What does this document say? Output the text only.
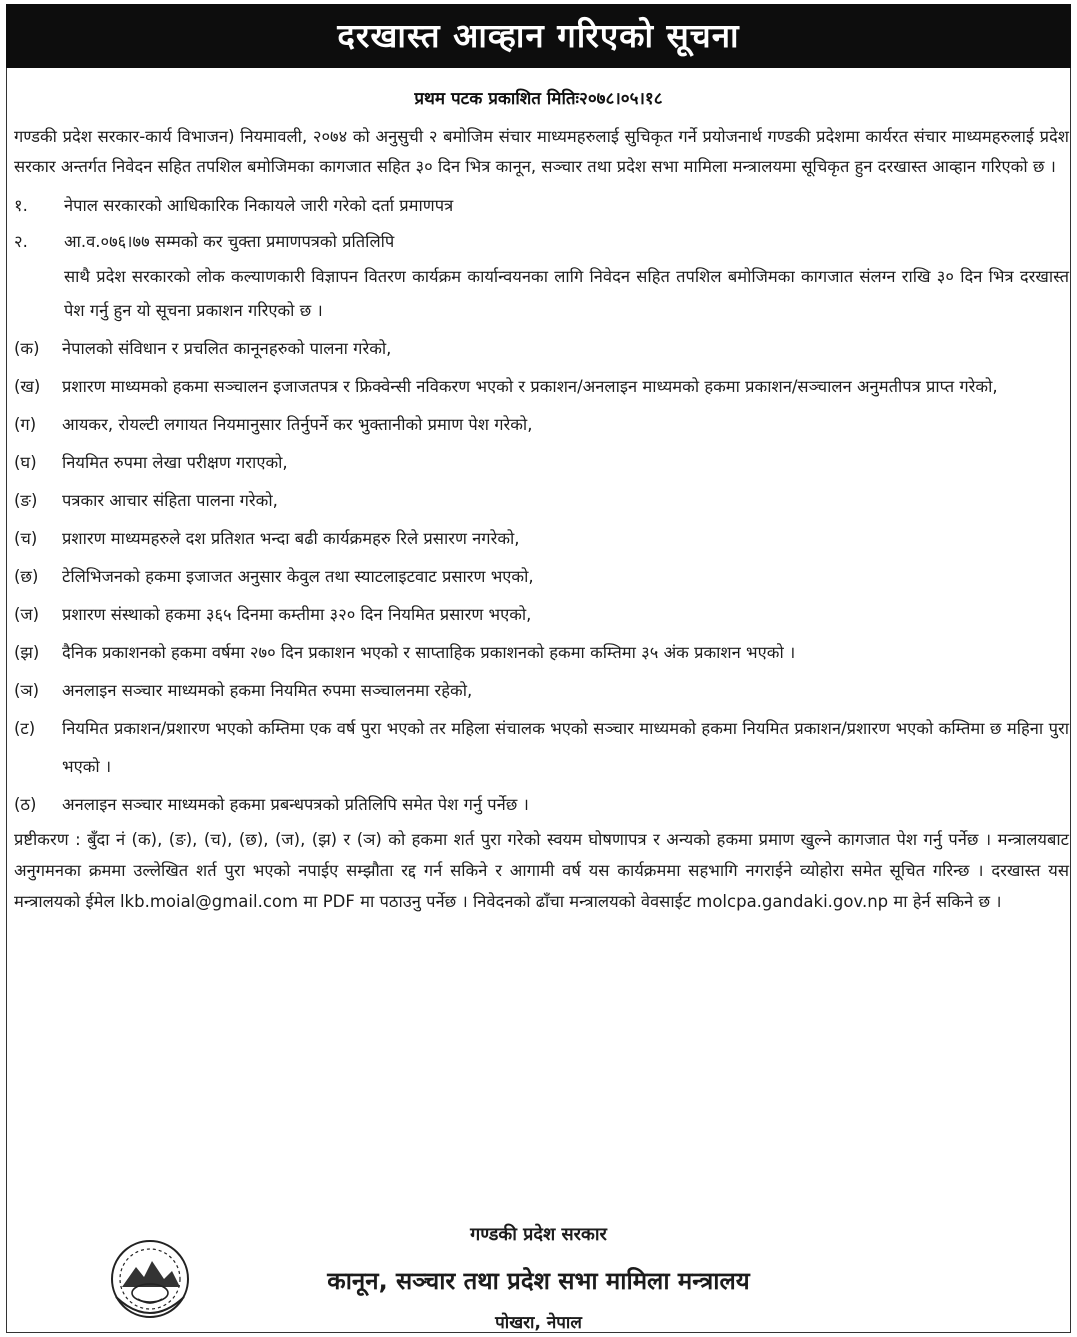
दरखास्त आव्हान गरिएको सूचना
प्रथम पटक प्रकाशित मितिः२०७८।०५।१८

गण्डकी प्रदेश सरकार-कार्य विभाजन) नियमावली, २०७४ को अनुसुची २ बमोजिम संचार माध्यमहरुलाई सुचिकृत गर्ने प्रयोजनार्थ गण्डकी प्रदेशमा कार्यरत संचार माध्यमहरुलाई प्रदेश सरकार अन्तर्गत निवेदन सहित तपशिल बमोजिमका कागजात सहित ३० दिन भित्र कानून, सञ्चार तथा प्रदेश सभा मामिला मन्त्रालयमा सूचिकृत हुन दरखास्त आव्हान गरिएको छ ।

१.	नेपाल सरकारको आधिकारिक निकायले जारी गरेको दर्ता प्रमाणपत्र

२.	आ.व.०७६।७७ सम्मको कर चुक्ता प्रमाणपत्रको प्रतिलिपि

साथै प्रदेश सरकारको लोक कल्याणकारी विज्ञापन वितरण कार्यक्रम कार्यान्वयनका लागि निवेदन सहित तपशिल बमोजिमका कागजात संलग्न राखि ३० दिन भित्र दरखास्त पेश गर्नु हुन यो सूचना प्रकाशन गरिएको छ ।

(क)	नेपालको संविधान र प्रचलित कानूनहरुको पालना गरेको,
(ख)	प्रशारण माध्यमको हकमा सञ्चालन इजाजतपत्र र फ्रिक्वेन्सी नविकरण भएको र प्रकाशन/अनलाइन माध्यमको हकमा प्रकाशन/सञ्चालन अनुमतीपत्र प्राप्त गरेको,
(ग)	आयकर, रोयल्टी लगायत नियमानुसार तिर्नुपर्ने कर भुक्तानीको प्रमाण पेश गरेको,
(घ)	नियमित रुपमा लेखा परीक्षण गराएको,
(ङ)	पत्रकार आचार संहिता पालना गरेको,
(च)	प्रशारण माध्यमहरुले दश प्रतिशत भन्दा बढी कार्यक्रमहरु रिले प्रसारण नगरेको,
(छ)	टेलिभिजनको हकमा इजाजत अनुसार केवुल तथा स्याटलाइटवाट प्रसारण भएको,
(ज)	प्रशारण संस्थाको हकमा ३६५ दिनमा कम्तीमा ३२० दिन नियमित प्रसारण भएको,
(झ)	दैनिक प्रकाशनको हकमा वर्षमा २७० दिन प्रकाशन भएको र साप्ताहिक प्रकाशनको हकमा कम्तिमा ३५ अंक प्रकाशन भएको ।
(ञ)	अनलाइन सञ्चार माध्यमको हकमा नियमित रुपमा सञ्चालनमा रहेको,
(ट)	नियमित प्रकाशन/प्रशारण भएको कम्तिमा एक वर्ष पुरा भएको तर महिला संचालक भएको सञ्चार माध्यमको हकमा नियमित प्रकाशन/प्रशारण भएको कम्तिमा छ महिना पुरा भएको ।
(ठ)	अनलाइन सञ्चार माध्यमको हकमा प्रबन्धपत्रको प्रतिलिपि समेत पेश गर्नु पर्नेछ ।

प्रष्टीकरण : बुँदा नं (क), (ङ), (च), (छ), (ज), (झ) र (ञ) को हकमा शर्त पुरा गरेको स्वयम घोषणापत्र र अन्यको हकमा प्रमाण खुल्ने कागजात पेश गर्नु पर्नेछ । मन्त्रालयबाट अनुगमनका क्रममा उल्लेखित शर्त पुरा भएको नपाईए सम्झौता रद्द गर्न सकिने र आगामी वर्ष यस कार्यक्रममा सहभागि नगराईने व्योहोरा समेत सूचित गरिन्छ । दरखास्त यस मन्त्रालयको ईमेल lkb.moial@gmail.com मा PDF मा पठाउनु पर्नेछ । निवेदनको ढाँचा मन्त्रालयको वेवसाईट molcpa.gandaki.gov.np मा हेर्न सकिने छ ।

गण्डकी प्रदेश सरकार
कानून, सञ्चार तथा प्रदेश सभा मामिला मन्त्रालय
पोखरा, नेपाल
